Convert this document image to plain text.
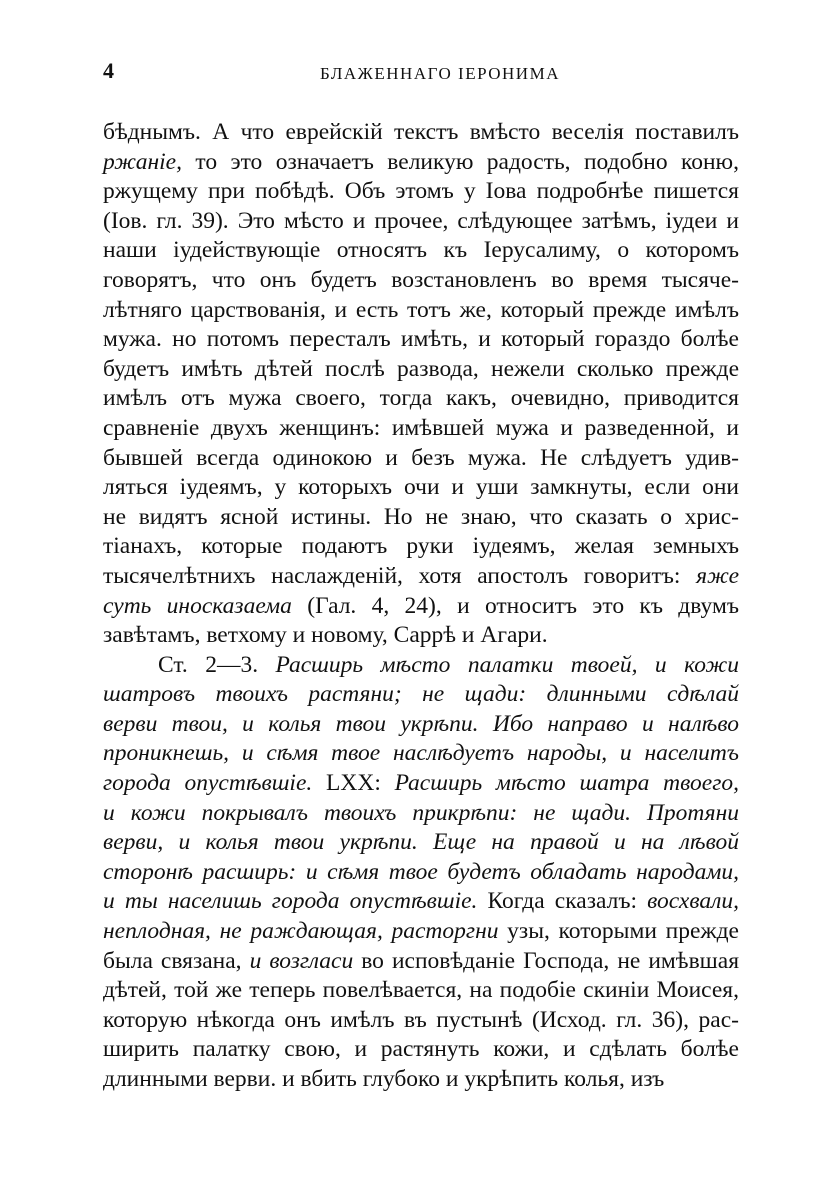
4	БЛАЖЕННАГО ІЕРОНИМА
бѣднымъ. А что еврейскій текстъ вмѣсто веселія поставилъ
ржаніе, то это означаетъ великую радость, подобно коню,
ржущему при побѣдѣ. Объ этомъ у Іова подробнѣе пишется
(Іов. гл. 39). Это мѣсто и прочее, слѣдующее затѣмъ, іудеи и
наши іудействующіе относятъ къ Іерусалиму, о которомъ
говорятъ, что онъ будетъ возстановленъ во время тысяче-
лѣтняго царствованія, и есть тотъ же, который прежде имѣлъ
мужа. но потомъ пересталъ имѣть, и который гораздо болѣе
будетъ имѣть дѣтей послѣ развода, нежели сколько прежде
имѣлъ отъ мужа своего, тогда какъ, очевидно, приводится
сравненіе двухъ женщинъ: имѣвшей мужа и разведенной, и
бывшей всегда одинокою и безъ мужа. Не слѣдуетъ удив-
ляться іудеямъ, у которыхъ очи и уши замкнуты, если они
не видятъ ясной истины. Но не знаю, что сказать о хрис-
тіанахъ, которые подаютъ руки іудеямъ, желая земныхъ
тысячелѣтнихъ наслажденій, хотя апостолъ говоритъ: яже
суть иносказаема (Гал. 4, 24), и относитъ это къ двумъ
завѣтамъ, ветхому и новому, Саррѣ и Агари.
Ст. 2—3. Расширь мѣсто палатки твоей, и кожи
шатровъ твоихъ растяни; не щади: длинными сдѣлай
верви твои, и колья твои укрѣпи. Ибо направо и налѣво
проникнешь, и сѣмя твое наслѣдуетъ народы, и населитъ
города опустѣвшіе. LXX: Расширь мѣсто шатра твоего,
и кожи покрывалъ твоихъ прикрѣпи: не щади. Протяни
верви, и колья твои укрѣпи. Еще на правой и на лѣвой
сторонѣ расширь: и сѣмя твое будетъ обладать народами,
и ты населишь города опустѣвшіе. Когда сказалъ: восхвали,
неплодная, не раждающая, расторгни узы, которыми прежде
была связана, и возгласи во исповѣданіе Господа, не имѣвшая
дѣтей, той же теперь повелѣвается, на подобіе скиніи Моисея,
которую нѣкогда онъ имѣлъ въ пустынѣ (Исход. гл. 36), рас-
ширить палатку свою, и растянуть кожи, и сдѣлать болѣе
длинными верви. и вбить глубоко и укрѣпить колья, изъ
